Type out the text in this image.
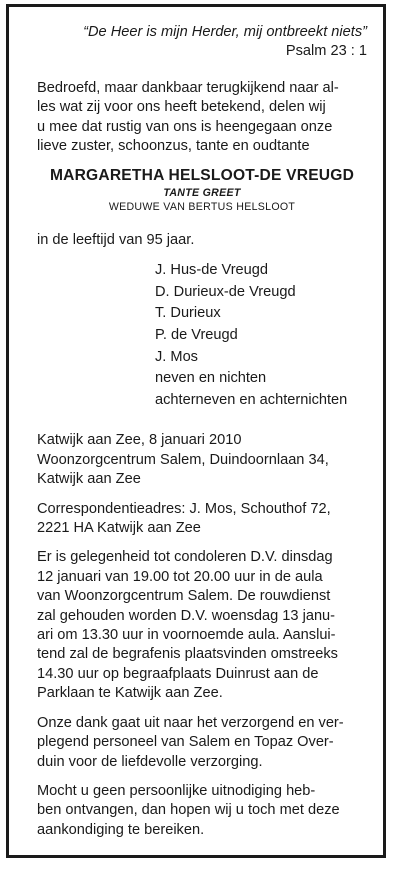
“De Heer is mijn Herder, mij ontbreekt niets”

Psalm 23 : 1

Bedroefd, maar dankbaar terugkijkend naar al-

les wat zij voor ons heeft betekend, delen wij

u mee dat rustig van ons is heengegaan onze

lieve zuster, schoonzus, tante en oudtante

MARGARETHA HELSLOOT-DE VREUGD

TANTE GREET

WEDUWE VAN BERTUS HELSLOOT

in de leeftijd van 95 jaar.

J. Hus-de Vreugd

D. Durieux-de Vreugd

T. Durieux

P. de Vreugd

J. Mos

neven en nichten

achterneven en achternichten

Katwijk aan Zee, 8 januari 2010

Woonzorgcentrum Salem, Duindoornlaan 34,

Katwijk aan Zee

Correspondentieadres: J. Mos, Schouthof 72,

2221 HA Katwijk aan Zee

Er is gelegenheid tot condoleren D.V. dinsdag

12 januari van 19.00 tot 20.00 uur in de aula

van Woonzorgcentrum Salem. De rouwdienst

zal gehouden worden D.V. woensdag 13 janu-

ari om 13.30 uur in voornoemde aula. Aanslui-

tend zal de begrafenis plaatsvinden omstreeks

14.30 uur op begraafplaats Duinrust aan de

Parklaan te Katwijk aan Zee.

Onze dank gaat uit naar het verzorgend en ver-

plegend personeel van Salem en Topaz Over-

duin voor de liefdevolle verzorging.

Mocht u geen persoonlijke uitnodiging heb-

ben ontvangen, dan hopen wij u toch met deze

aankondiging te bereiken.
